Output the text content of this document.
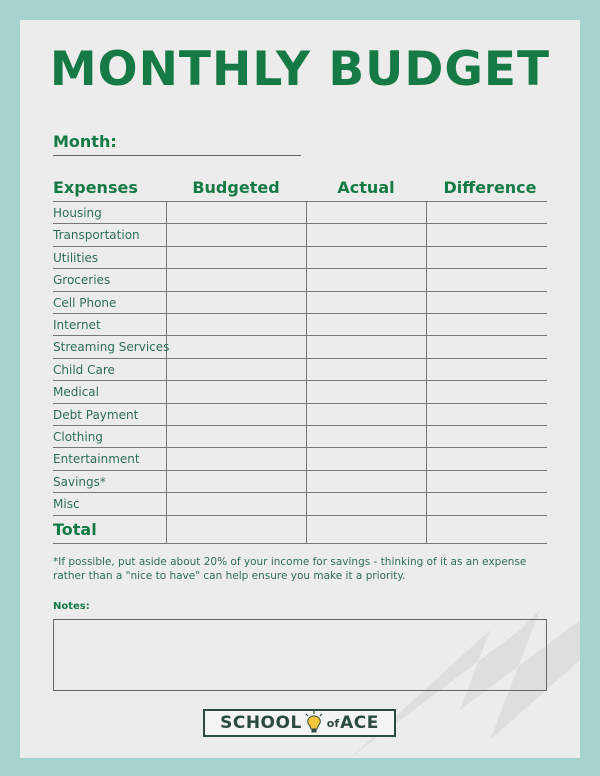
MONTHLY BUDGET
Month:
Expenses	Budgeted	Actual	Difference
Housing
Transportation
Utilities
Groceries
Cell Phone
Internet
Streaming Services
Child Care
Medical
Debt Payment
Clothing
Entertainment
Savings*
Misc
Total
*If possible, put aside about 20% of your income for savings - thinking of it as an expense rather than a "nice to have" can help ensure you make it a priority.
Notes:
SCHOOL of ACE
